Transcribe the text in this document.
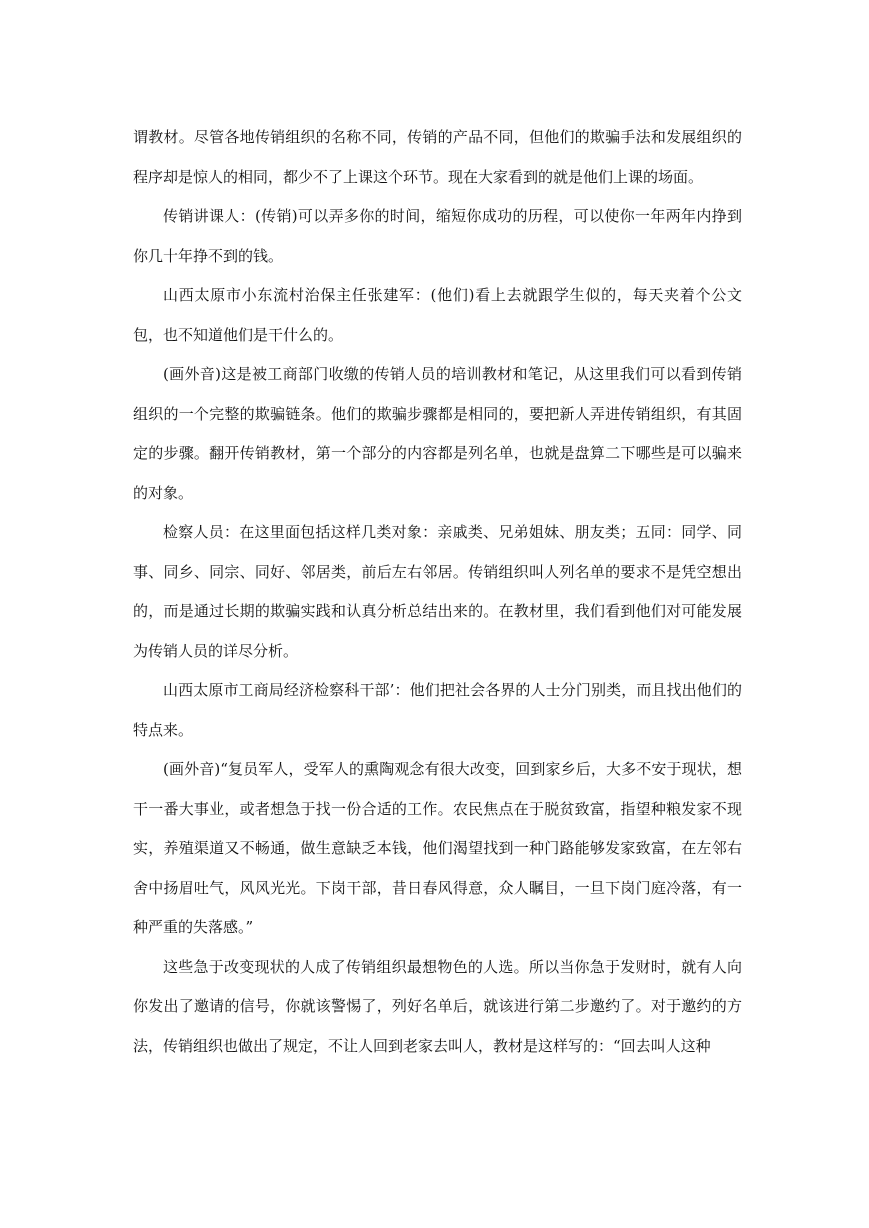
谓教材。尽管各地传销组织的名称不同，传销的产品不同，但他们的欺骗手法和发展组织的程序却是惊人的相同，都少不了上课这个环节。现在大家看到的就是他们上课的场面。

传销讲课人：(传销)可以弄多你的时间，缩短你成功的历程，可以使你一年两年内挣到你几十年挣不到的钱。

山西太原市小东流村治保主任张建军：(他们)看上去就跟学生似的，每天夹着个公文包，也不知道他们是干什么的。

(画外音)这是被工商部门收缴的传销人员的培训教材和笔记，从这里我们可以看到传销组织的一个完整的欺骗链条。他们的欺骗步骤都是相同的，要把新人弄进传销组织，有其固定的步骤。翻开传销教材，第一个部分的内容都是列名单，也就是盘算二下哪些是可以骗来的对象。

检察人员：在这里面包括这样几类对象：亲戚类、兄弟姐妹、朋友类；五同：同学、同事、同乡、同宗、同好、邻居类，前后左右邻居。传销组织叫人列名单的要求不是凭空想出的，而是通过长期的欺骗实践和认真分析总结出来的。在教材里，我们看到他们对可能发展为传销人员的详尽分析。

山西太原市工商局经济检察科干部’：他们把社会各界的人士分门别类，而且找出他们的特点来。

(画外音)“复员军人，受军人的熏陶观念有很大改变，回到家乡后，大多不安于现状，想干一番大事业，或者想急于找一份合适的工作。农民焦点在于脱贫致富，指望种粮发家不现实，养殖渠道又不畅通，做生意缺乏本钱，他们渴望找到一种门路能够发家致富，在左邻右舍中扬眉吐气，风风光光。下岗干部，昔日春风得意，众人瞩目，一旦下岗门庭冷落，有一种严重的失落感。”

这些急于改变现状的人成了传销组织最想物色的人选。所以当你急于发财时，就有人向你发出了邀请的信号，你就该警惕了，列好名单后，就该进行第二步邀约了。对于邀约的方法，传销组织也做出了规定，不让人回到老家去叫人，教材是这样写的：“回去叫人这种
